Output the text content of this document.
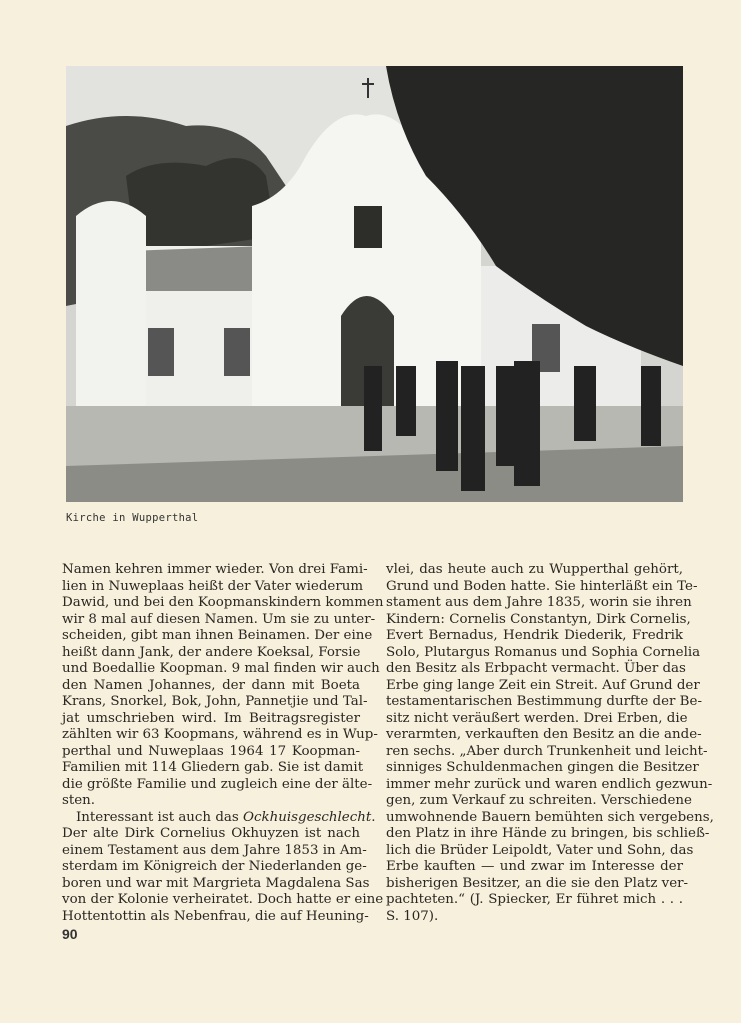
Kirche in Wupperthal
Namen kehren immer wieder. Von drei Fami-
lien in Nuweplaas heißt der Vater wiederum
Dawid, und bei den Koopmanskindern kommen
wir 8 mal auf diesen Namen. Um sie zu unter-
scheiden, gibt man ihnen Beinamen. Der eine
heißt dann Jank, der andere Koeksal, Forsie
und Boedallie Koopman. 9 mal finden wir auch
den Namen Johannes, der dann mit Boeta
Krans, Snorkel, Bok, John, Pannetjie und Tal-
jat umschrieben wird. Im Beitragsregister
zählten wir 63 Koopmans, während es in Wup-
perthal und Nuweplaas 1964 17 Koopman-
Familien mit 114 Gliedern gab. Sie ist damit
die größte Familie und zugleich eine der älte-
sten.
Interessant ist auch das Ockhuisgeschlecht.
Der alte Dirk Cornelius Okhuyzen ist nach
einem Testament aus dem Jahre 1853 in Am-
sterdam im Königreich der Niederlanden ge-
boren und war mit Margrieta Magdalena Sas
von der Kolonie verheiratet. Doch hatte er eine
Hottentottin als Nebenfrau, die auf Heuning-
vlei, das heute auch zu Wupperthal gehört,
Grund und Boden hatte. Sie hinterläßt ein Te-
stament aus dem Jahre 1835, worin sie ihren
Kindern: Cornelis Constantyn, Dirk Cornelis,
Evert Bernadus, Hendrik Diederik, Fredrik
Solo, Plutargus Romanus und Sophia Cornelia
den Besitz als Erbpacht vermacht. Über das
Erbe ging lange Zeit ein Streit. Auf Grund der
testamentarischen Bestimmung durfte der Be-
sitz nicht veräußert werden. Drei Erben, die
verarmten, verkauften den Besitz an die ande-
ren sechs. „Aber durch Trunkenheit und leicht-
sinniges Schuldenmachen gingen die Besitzer
immer mehr zurück und waren endlich gezwun-
gen, zum Verkauf zu schreiten. Verschiedene
umwohnende Bauern bemühten sich vergebens,
den Platz in ihre Hände zu bringen, bis schließ-
lich die Brüder Leipoldt, Vater und Sohn, das
Erbe kauften — und zwar im Interesse der
bisherigen Besitzer, an die sie den Platz ver-
pachteten.“ (J. Spiecker, Er führet mich . . .
S. 107).
90
